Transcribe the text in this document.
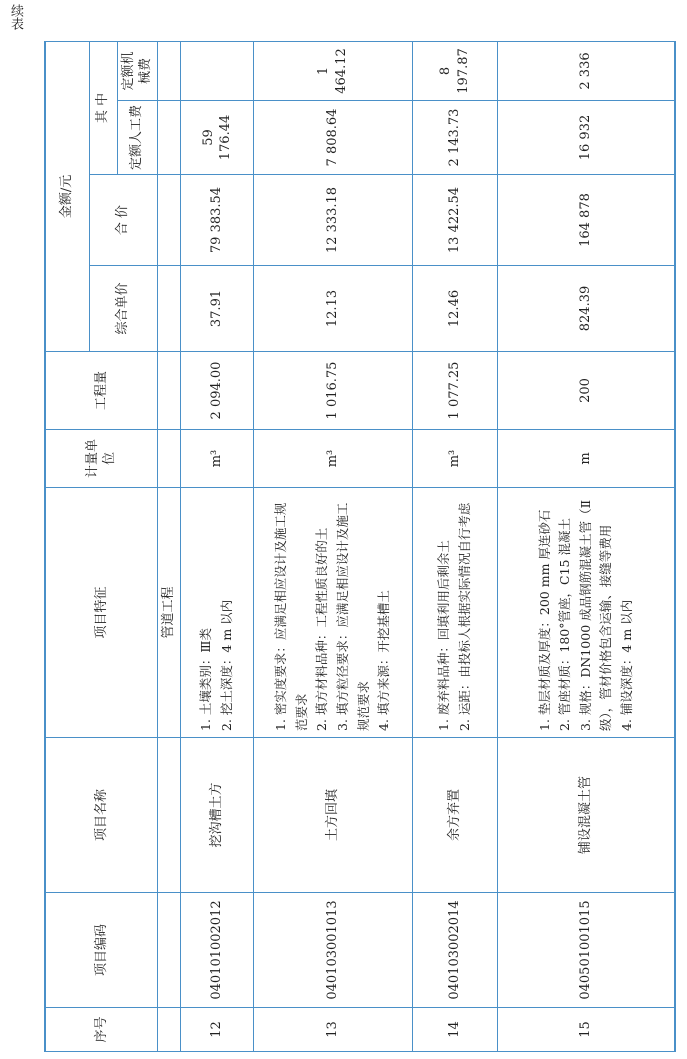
续表
序号	项目编码	项目名称	项目特征	计量单位	工程量	金额/元			
						综合单价	合 价	其 中	
								定额人工费	定额机械费
			管道工程						
12	040101002012	挖沟槽土方	1. 土壤类别：Ⅲ类 2. 挖土深度：4 m 以内	m³	2 094.00	37.91	79 383.54	59 176.44	
13	040103001013	土方回填	1. 密实度要求：应满足相应设计及施工规范要求 2. 填方材料品种：工程性质良好的土 3. 填方粒径要求：应满足相应设计及施工规范要求 4. 填方来源：开挖基槽土	m³	1 016.75	12.13	12 333.18	7 808.64	1 464.12
14	040103002014	余方弃置	1. 废弃料品种：回填利用后剩余土 2. 运距：由投标人根据实际情况自行考虑	m³	1 077.25	12.46	13 422.54	2 143.73	8 197.87
15	040501001015	铺设混凝土管	1. 垫层材质及厚度：200 mm 厚连砂石 2. 管座材质：180°管座，C15 混凝土 3. 规格：DN1000 成品钢筋混凝土管（Ⅱ级），管材价格包含运输、接缝等费用 4. 铺设深度：4 m 以内	m	200	824.39	164 878	16 932	2 336
